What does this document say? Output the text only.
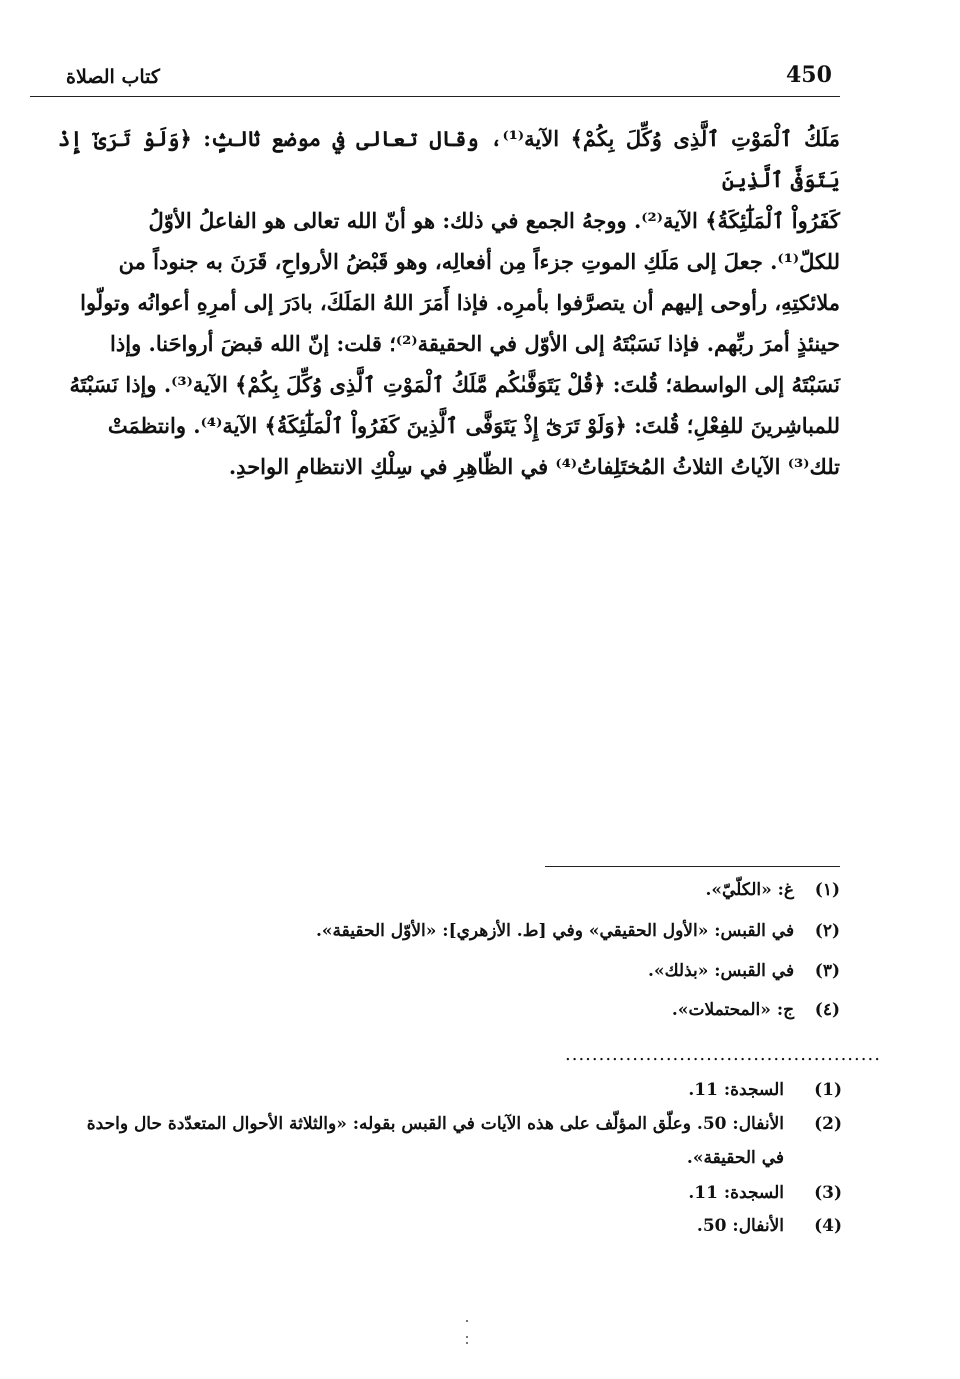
450
كتاب الصلاة
مَلَكُ ٱلْمَوْتِ ٱلَّذِى وُكِّلَ بِكُمْ﴾ الآية⁽¹⁾، وقال تعالى في موضع ثالثٍ: ﴿وَلَوْ تَرَىٰٓ إِذْ يَتَوَفَّى ٱلَّذِينَ
كَفَرُواْ ٱلْمَلَٰٓئِكَةُ﴾ الآية⁽²⁾. ووجهُ الجمع في ذلك: هو أنّ الله تعالى هو الفاعلُ الأوّلُ
للكلّ⁽¹⁾. جعلَ إلى مَلَكِ الموتِ جزءاً مِن أفعالِه، وهو قَبْضُ الأرواحِ، قَرَنَ به جنوداً من
ملائكتِهِ، رأوحى إليهم أن يتصرَّفوا بأمرِه. فإذا أَمَرَ اللهُ المَلَكَ، بادَرَ إلى أمرِهِ أعوانُه وتولّوا
حينئذٍ أمرَ ربِّهم. فإذا نَسَبْتَهُ إلى الأوّل في الحقيقة⁽²⁾؛ قلت: إنّ الله قبضَ أرواحَنا. وإذا
نَسَبْتَهُ إلى الواسطة؛ قُلتَ: ﴿قُلْ يَتَوَفَّىٰكُم مَّلَكُ ٱلْمَوْتِ ٱلَّذِى وُكِّلَ بِكُمْ﴾ الآية⁽³⁾. وإذا نَسَبْتَهُ
للمباشِرينَ للفِعْلِ؛ قُلتَ: ﴿وَلَوْ تَرَىٰٓ إِذْ يَتَوَفَّى ٱلَّذِينَ كَفَرُواْ ٱلْمَلَٰٓئِكَةُ﴾ الآية⁽⁴⁾. وانتظمَتْ
تلك⁽³⁾ الآياتُ الثلاثُ المُختَلِفاتُ⁽⁴⁾ في الظّاهِرِ في سِلْكِ الانتظامِ الواحدِ.
(١) غ: «الكلّيّ».
(٢) في القبس: «الأول الحقيقي» وفي [ط. الأزهري]: «الأوّل الحقيقة».
(٣) في القبس: «بذلك».
(٤) ج: «المحتملات».
...............................................
(1)
السجدة: 11.
(2)
الأنفال: 50. وعلّق المؤلّف على هذه الآيات في القبس بقوله: «والثلاثة الأحوال المتعدّدة حال واحدة في الحقيقة».
(3)
السجدة: 11.
(4)
الأنفال: 50.
